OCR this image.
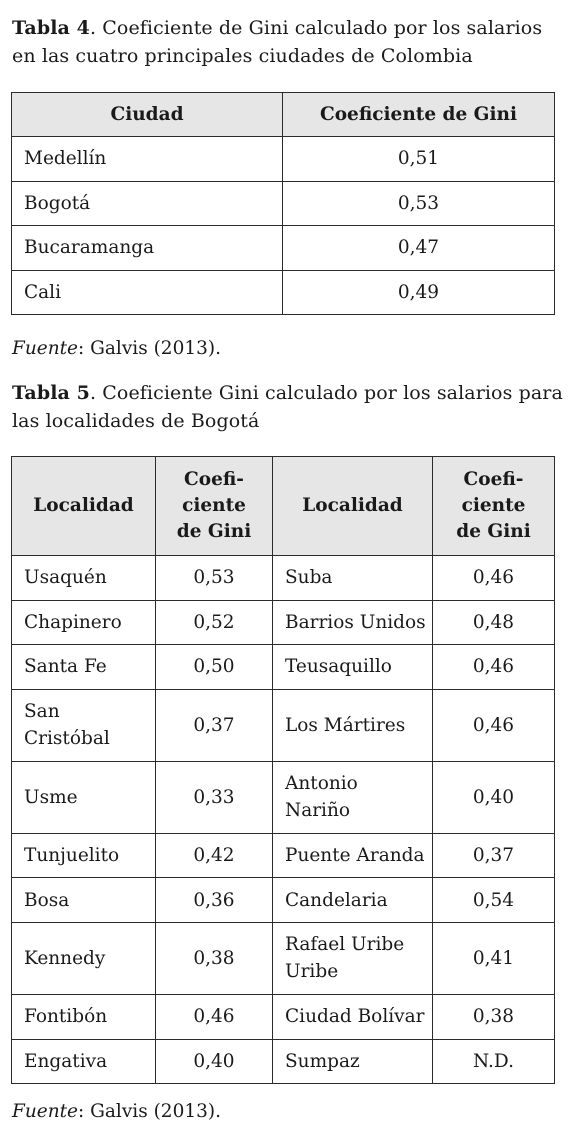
Tabla 4. Coeficiente de Gini calculado por los salarios en las cuatro principales ciudades de Colombia
Ciudad	Coeficiente de Gini
Medellín	0,51
Bogotá	0,53
Bucaramanga	0,47
Cali	0,49
Fuente: Galvis (2013).
Tabla 5. Coeficiente Gini calculado por los salarios para las localidades de Bogotá
Localidad	Coefi-ciente de Gini	Localidad	Coefi-ciente de Gini
Usaquén	0,53	Suba	0,46
Chapinero	0,52	Barrios Unidos	0,48
Santa Fe	0,50	Teusaquillo	0,46
San Cristóbal	0,37	Los Mártires	0,46
Usme	0,33	Antonio Nariño	0,40
Tunjuelito	0,42	Puente Aranda	0,37
Bosa	0,36	Candelaria	0,54
Kennedy	0,38	Rafael Uribe Uribe	0,41
Fontibón	0,46	Ciudad Bolívar	0,38
Engativa	0,40	Sumpaz	N.D.
Fuente: Galvis (2013).
